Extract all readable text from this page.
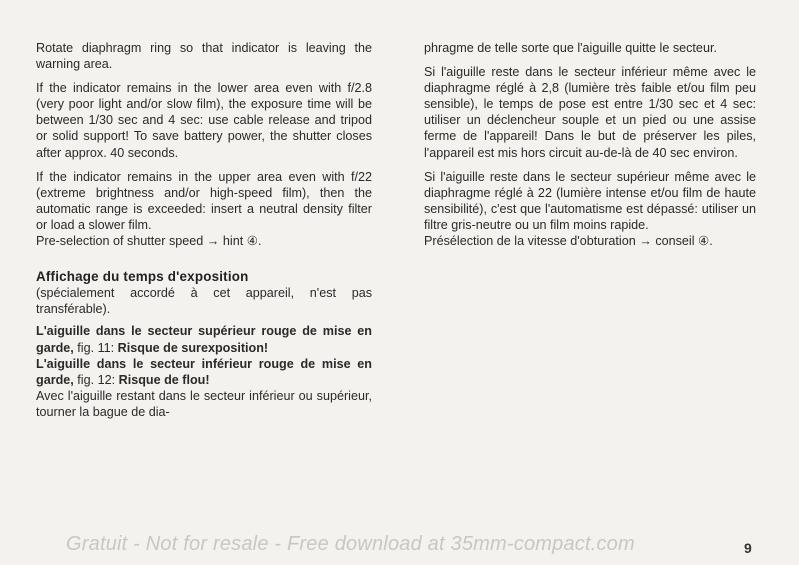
Rotate diaphragm ring so that indicator is leaving the warning area.

If the indicator remains in the lower area even with f/2.8 (very poor light and/or slow film), the exposure time will be between 1/30 sec and 4 sec: use cable release and tripod or solid support! To save battery power, the shutter closes after approx. 40 seconds.

If the indicator remains in the upper area even with f/22 (extreme brightness and/or high-speed film), then the automatic range is exceeded: insert a neutral density filter or load a slower film.

Pre-selection of shutter speed → hint ④.

Affichage du temps d'exposition

(spécialement accordé à cet appareil, n'est pas transférable).

L'aiguille dans le secteur supérieur rouge de mise en garde, fig. 11: Risque de surexposition!

L'aiguille dans le secteur inférieur rouge de mise en garde, fig. 12: Risque de flou!

Avec l'aiguille restant dans le secteur inférieur ou supérieur, tourner la bague de dia-

phragme de telle sorte que l'aiguille quitte le secteur.

Si l'aiguille reste dans le secteur inférieur même avec le diaphragme réglé à 2,8 (lumière très faible et/ou film peu sensible), le temps de pose est entre 1/30 sec et 4 sec: utiliser un déclencheur souple et un pied ou une assise ferme de l'appareil! Dans le but de préserver les piles, l'appareil est mis hors circuit au-de-là de 40 sec environ.

Si l'aiguille reste dans le secteur supérieur même avec le diaphragme réglé à 22 (lumière intense et/ou film de haute sensibilité), c'est que l'automatisme est dépassé: utiliser un filtre gris-neutre ou un film moins rapide.

Présélection de la vitesse d'obturation → conseil ④.

Gratuit - Not for resale - Free download at 35mm-compact.com	9
